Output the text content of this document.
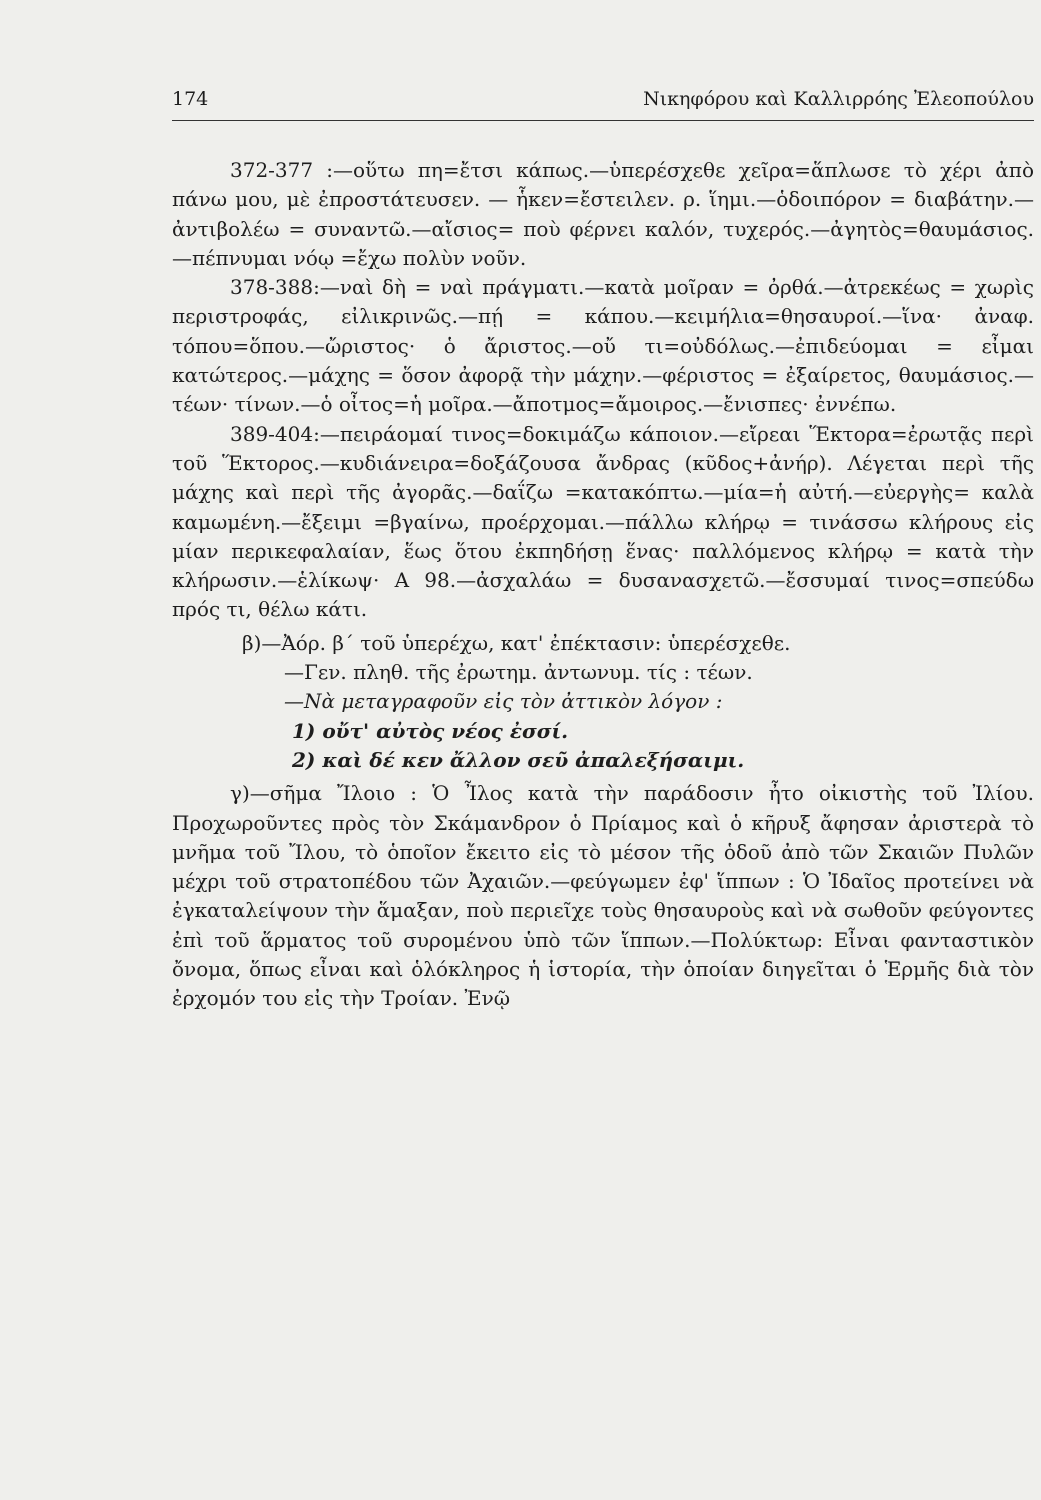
174	Νικηφόρου καὶ Καλλιρρόης Ἐλεοπούλου

372-377 :—οὕτω πη=ἔτσι κάπως.—ὑπερέσχεθε χεῖρα=ἅπλωσε τὸ χέρι ἀπὸ πάνω μου, μὲ ἐπροστάτευσεν. — ἧκεν=ἔστειλεν. ρ. ἵημι.—ὁδοιπόρον = διαβάτην.—ἀντιβολέω = συναντῶ.—αἴσιος= ποὺ φέρνει καλόν, τυχερός.—ἀγητὸς=θαυμάσιος.—πέπνυμαι νόῳ =ἔχω πολὺν νοῦν.

378-388:—ναὶ δὴ = ναὶ πράγματι.—κατὰ μοῖραν = ὀρθά.—ἀτρεκέως = χωρὶς περιστροφάς, εἰλικρινῶς.—πῄ = κάπου.—κειμήλια=θησαυροί.—ἵνα· ἀναφ. τόπου=ὅπου.—ὤριστος· ὁ ἄριστος.—οὔ τι=οὐδόλως.—ἐπιδεύομαι = εἶμαι κατώτερος.—μάχης = ὅσον ἀφορᾷ τὴν μάχην.—φέριστος = ἐξαίρετος, θαυμάσιος.—τέων· τίνων.—ὁ οἶτος=ἡ μοῖρα.—ἄποτμος=ἄμοιρος.—ἔνισπες· ἐννέπω.

389-404:—πειράομαί τινος=δοκιμάζω κάποιον.—εἴρεαι Ἕκτορα=ἐρωτᾷς περὶ τοῦ Ἕκτορος.—κυδιάνειρα=δοξάζουσα ἄνδρας (κῦδος+ἀνήρ). Λέγεται περὶ τῆς μάχης καὶ περὶ τῆς ἀγορᾶς.—δαΐζω =κατακόπτω.—μία=ἡ αὐτή.—εὐεργὴς= καλὰ καμωμένη.—ἔξειμι =βγαίνω, προέρχομαι.—πάλλω κλήρῳ = τινάσσω κλήρους εἰς μίαν περικεφαλαίαν, ἕως ὅτου ἐκπηδήσῃ ἕνας· παλλόμενος κλήρῳ = κατὰ τὴν κλήρωσιν.—ἑλίκωψ· Α 98.—ἀσχαλάω = δυσανασχετῶ.—ἔσσυμαί τινος=σπεύδω πρός τι, θέλω κάτι.

β)—Ἀόρ. β΄ τοῦ ὑπερέχω, κατ' ἐπέκτασιν: ὑπερέσχεθε.

—Γεν. πληθ. τῆς ἐρωτημ. ἀντωνυμ. τίς : τέων.

—Νὰ μεταγραφοῦν εἰς τὸν ἀττικὸν λόγον :

1) οὔτ' αὐτὸς νέος ἐσσί.

2) καὶ δέ κεν ἄλλον σεῦ ἀπαλεξήσαιμι.

γ)—σῆμα Ἴλοιο : Ὁ Ἶλος κατὰ τὴν παράδοσιν ἦτο οἰκιστὴς τοῦ Ἰλίου. Προχωροῦντες πρὸς τὸν Σκάμανδρον ὁ Πρίαμος καὶ ὁ κῆρυξ ἄφησαν ἀριστερὰ τὸ μνῆμα τοῦ Ἴλου, τὸ ὁποῖον ἔκειτο εἰς τὸ μέσον τῆς ὁδοῦ ἀπὸ τῶν Σκαιῶν Πυλῶν μέχρι τοῦ στρατοπέδου τῶν Ἀχαιῶν.—φεύγωμεν ἐφ' ἵππων : Ὁ Ἰδαῖος προτείνει νὰ ἐγκαταλείψουν τὴν ἅμαξαν, ποὺ περιεῖχε τοὺς θησαυροὺς καὶ νὰ σωθοῦν φεύγοντες ἐπὶ τοῦ ἅρματος τοῦ συρομένου ὑπὸ τῶν ἵππων.—Πολύκτωρ: Εἶναι φανταστικὸν ὄνομα, ὅπως εἶναι καὶ ὁλόκληρος ἡ ἱστορία, τὴν ὁποίαν διηγεῖται ὁ Ἑρμῆς διὰ τὸν ἐρχομόν του εἰς τὴν Τροίαν. Ἐνῷ
